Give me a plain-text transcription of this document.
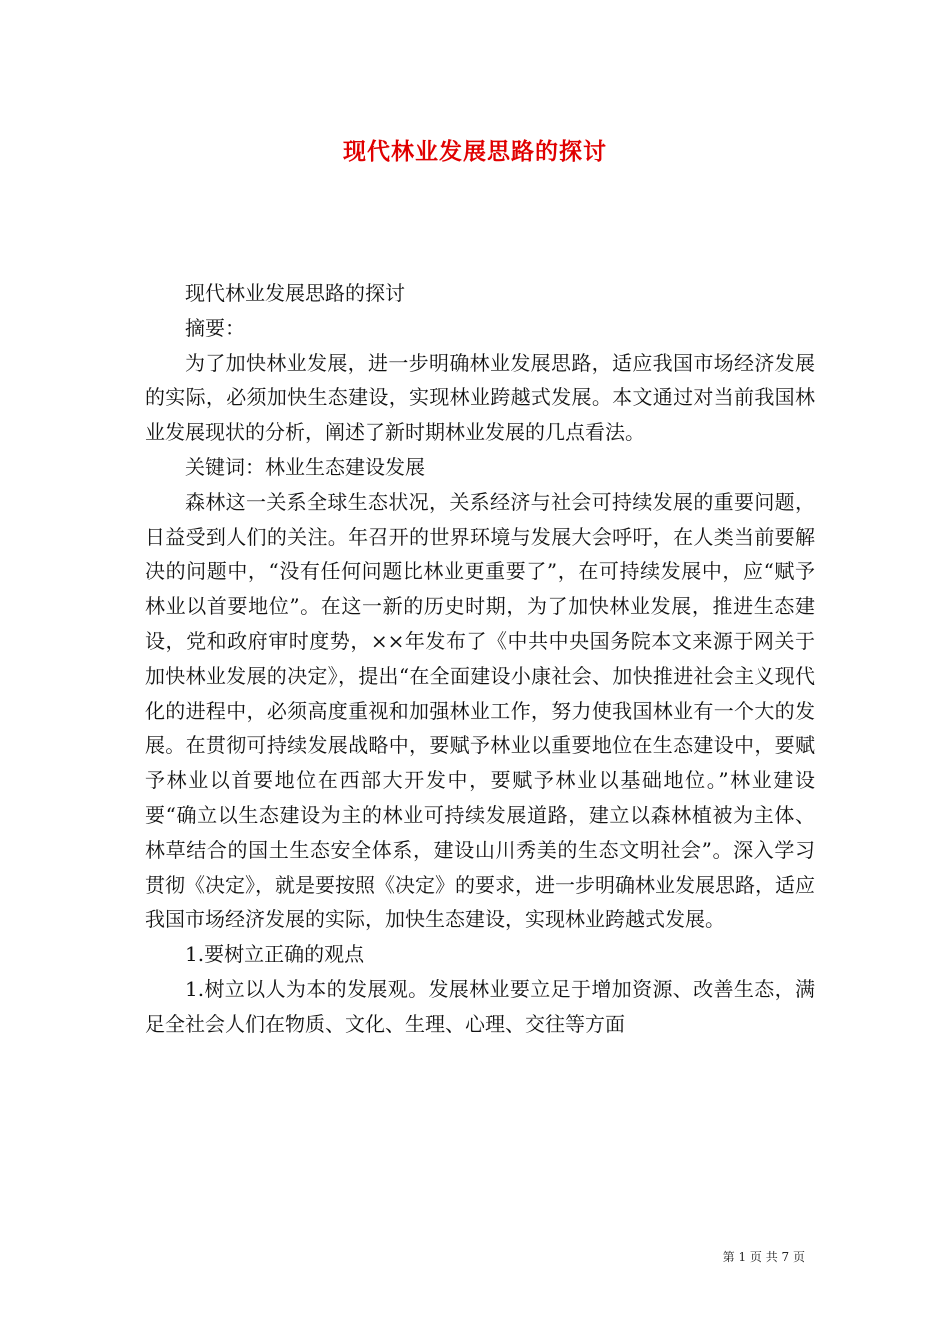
现代林业发展思路的探讨

现代林业发展思路的探讨

摘要：

为了加快林业发展，进一步明确林业发展思路，适应我国市场经济发展的实际，必须加快生态建设，实现林业跨越式发展。本文通过对当前我国林业发展现状的分析，阐述了新时期林业发展的几点看法。

关键词：林业生态建设发展

森林这一关系全球生态状况，关系经济与社会可持续发展的重要问题，日益受到人们的关注。年召开的世界环境与发展大会呼吁，在人类当前要解决的问题中，“没有任何问题比林业更重要了”，在可持续发展中，应“赋予林业以首要地位”。在这一新的历史时期，为了加快林业发展，推进生态建设，党和政府审时度势，××年发布了《中共中央国务院本文来源于网关于加快林业发展的决定》，提出“在全面建设小康社会、加快推进社会主义现代化的进程中，必须高度重视和加强林业工作，努力使我国林业有一个大的发展。在贯彻可持续发展战略中，要赋予林业以重要地位在生态建设中，要赋予林业以首要地位在西部大开发中，要赋予林业以基础地位。”林业建设要“确立以生态建设为主的林业可持续发展道路，建立以森林植被为主体、林草结合的国土生态安全体系，建设山川秀美的生态文明社会”。深入学习贯彻《决定》，就是要按照《决定》的要求，进一步明确林业发展思路，适应我国市场经济发展的实际，加快生态建设，实现林业跨越式发展。

1.要树立正确的观点

1.树立以人为本的发展观。发展林业要立足于增加资源、改善生态，满足全社会人们在物质、文化、生理、心理、交往等方面

第 1 页 共 7 页
